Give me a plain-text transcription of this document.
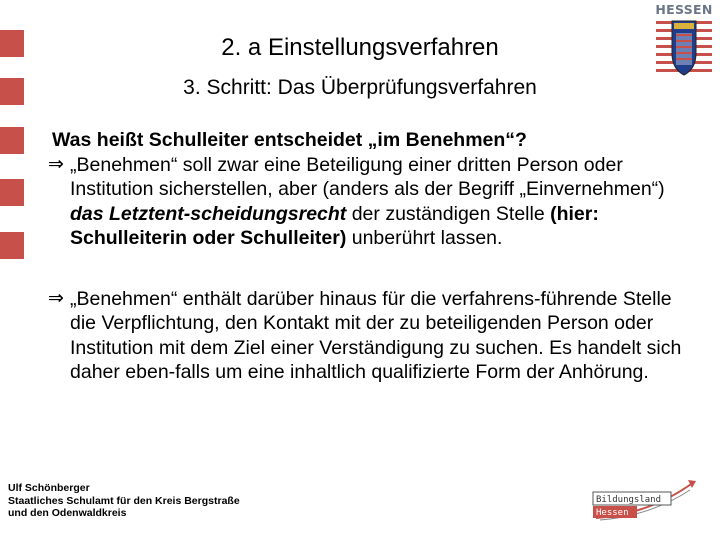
HESSEN
2. a Einstellungsverfahren
3. Schritt: Das Überprüfungsverfahren
Was heißt Schulleiter entscheidet „im Benehmen“?
⇒ „Benehmen“ soll zwar eine Beteiligung einer dritten Person oder Institution sicherstellen, aber (anders als der Begriff „Einvernehmen“) das Letztent-scheidungsrecht der zuständigen Stelle (hier: Schulleiterin oder Schulleiter) unberührt lassen.
⇒ „Benehmen“ enthält darüber hinaus für die verfahrens-führende Stelle die Verpflichtung, den Kontakt mit der zu beteiligenden Person oder Institution mit dem Ziel einer Verständigung zu suchen. Es handelt sich daher eben-falls um eine inhaltlich qualifizierte Form der Anhörung.
Ulf Schönberger
Staatliches Schulamt für den Kreis Bergstraße
und den Odenwaldkreis
Bildungsland
Hessen
